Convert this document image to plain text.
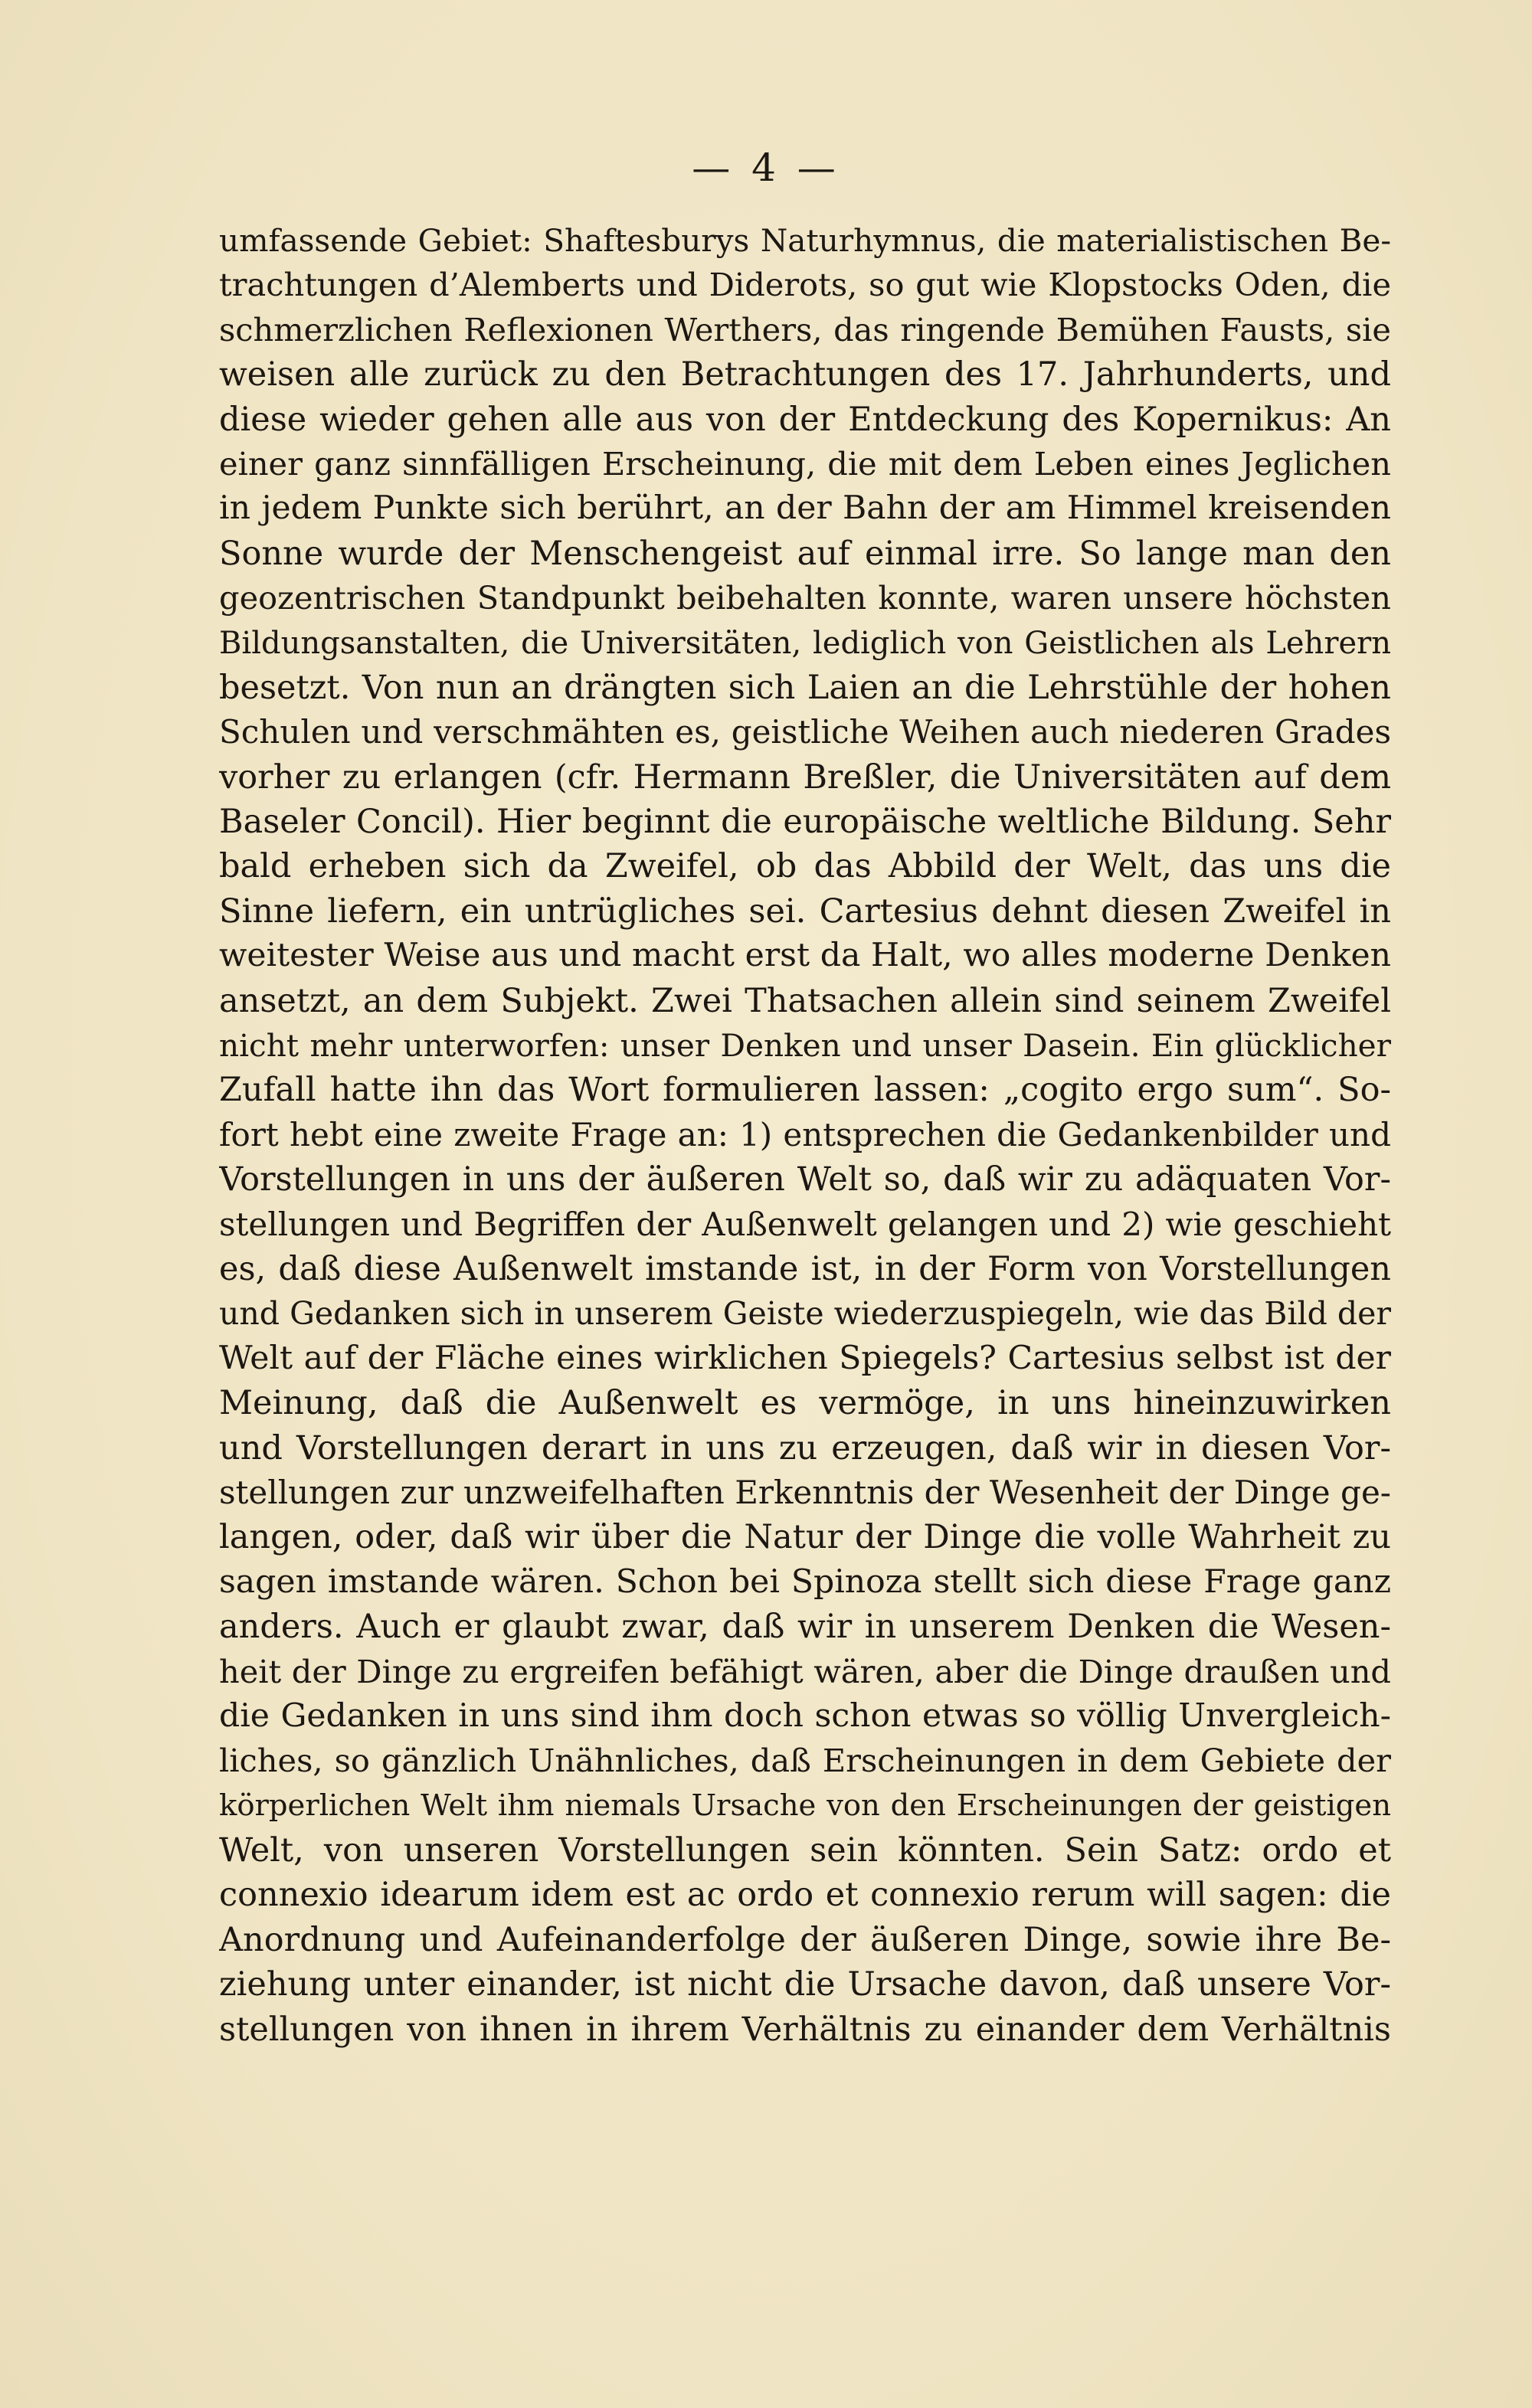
— 4 —
umfassende Gebiet: Shaftesburys Naturhymnus, die materialistischen Be-
trachtungen d’Alemberts und Diderots, so gut wie Klopstocks Oden, die
schmerzlichen Reflexionen Werthers, das ringende Bemühen Fausts, sie
weisen alle zurück zu den Betrachtungen des 17. Jahrhunderts, und
diese wieder gehen alle aus von der Entdeckung des Kopernikus: An
einer ganz sinnfälligen Erscheinung, die mit dem Leben eines Jeglichen
in jedem Punkte sich berührt, an der Bahn der am Himmel kreisenden
Sonne wurde der Menschengeist auf einmal irre. So lange man den
geozentrischen Standpunkt beibehalten konnte, waren unsere höchsten
Bildungsanstalten, die Universitäten, lediglich von Geistlichen als Lehrern
besetzt. Von nun an drängten sich Laien an die Lehrstühle der hohen
Schulen und verschmähten es, geistliche Weihen auch niederen Grades
vorher zu erlangen (cfr. Hermann Breßler, die Universitäten auf dem
Baseler Concil). Hier beginnt die europäische weltliche Bildung. Sehr
bald erheben sich da Zweifel, ob das Abbild der Welt, das uns die
Sinne liefern, ein untrügliches sei. Cartesius dehnt diesen Zweifel in
weitester Weise aus und macht erst da Halt, wo alles moderne Denken
ansetzt, an dem Subjekt. Zwei Thatsachen allein sind seinem Zweifel
nicht mehr unterworfen: unser Denken und unser Dasein. Ein glücklicher
Zufall hatte ihn das Wort formulieren lassen: „cogito ergo sum“. So-
fort hebt eine zweite Frage an: 1) entsprechen die Gedankenbilder und
Vorstellungen in uns der äußeren Welt so, daß wir zu adäquaten Vor-
stellungen und Begriffen der Außenwelt gelangen und 2) wie geschieht
es, daß diese Außenwelt imstande ist, in der Form von Vorstellungen
und Gedanken sich in unserem Geiste wiederzuspiegeln, wie das Bild der
Welt auf der Fläche eines wirklichen Spiegels? Cartesius selbst ist der
Meinung, daß die Außenwelt es vermöge, in uns hineinzuwirken
und Vorstellungen derart in uns zu erzeugen, daß wir in diesen Vor-
stellungen zur unzweifelhaften Erkenntnis der Wesenheit der Dinge ge-
langen, oder, daß wir über die Natur der Dinge die volle Wahrheit zu
sagen imstande wären. Schon bei Spinoza stellt sich diese Frage ganz
anders. Auch er glaubt zwar, daß wir in unserem Denken die Wesen-
heit der Dinge zu ergreifen befähigt wären, aber die Dinge draußen und
die Gedanken in uns sind ihm doch schon etwas so völlig Unvergleich-
liches, so gänzlich Unähnliches, daß Erscheinungen in dem Gebiete der
körperlichen Welt ihm niemals Ursache von den Erscheinungen der geistigen
Welt, von unseren Vorstellungen sein könnten. Sein Satz: ordo et
connexio idearum idem est ac ordo et connexio rerum will sagen: die
Anordnung und Aufeinanderfolge der äußeren Dinge, sowie ihre Be-
ziehung unter einander, ist nicht die Ursache davon, daß unsere Vor-
stellungen von ihnen in ihrem Verhältnis zu einander dem Verhältnis
